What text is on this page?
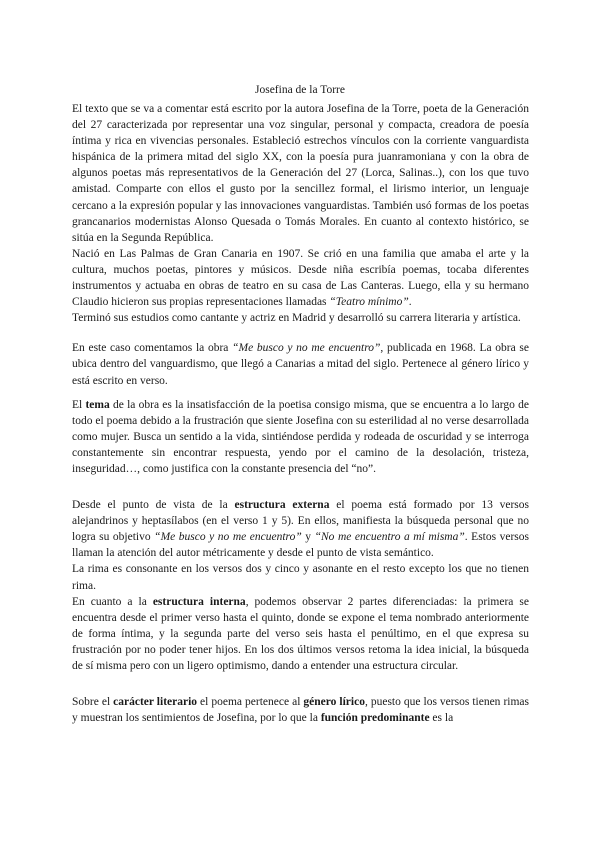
Josefina de la Torre

El texto que se va a comentar está escrito por la autora Josefina de la Torre, poeta de la Generación del 27 caracterizada por representar una voz singular, personal y compacta, creadora de poesía íntima y rica en vivencias personales. Estableció estrechos vínculos con la corriente vanguardista hispánica de la primera mitad del siglo XX, con la poesía pura juanramoniana y con la obra de algunos poetas más representativos de la Generación del 27 (Lorca, Salinas..), con los que tuvo amistad. Comparte con ellos el gusto por la sencillez formal, el lirismo interior, un lenguaje cercano a la expresión popular y las innovaciones vanguardistas. También usó formas de los poetas grancanarios modernistas Alonso Quesada o Tomás Morales. En cuanto al contexto histórico, se sitúa en la Segunda República.

Nació en Las Palmas de Gran Canaria en 1907. Se crió en una familia que amaba el arte y la cultura, muchos poetas, pintores y músicos. Desde niña escribía poemas, tocaba diferentes instrumentos y actuaba en obras de teatro en su casa de Las Canteras. Luego, ella y su hermano Claudio hicieron sus propias representaciones llamadas “Teatro mínimo”.

Terminó sus estudios como cantante y actriz en Madrid y desarrolló su carrera literaria y artística.

En este caso comentamos la obra “Me busco y no me encuentro”, publicada en 1968. La obra se ubica dentro del vanguardismo, que llegó a Canarias a mitad del siglo. Pertenece al género lírico y está escrito en verso.

El tema de la obra es la insatisfacción de la poetisa consigo misma, que se encuentra a lo largo de todo el poema debido a la frustración que siente Josefina con su esterilidad al no verse desarrollada como mujer. Busca un sentido a la vida, sintiéndose perdida y rodeada de oscuridad y se interroga constantemente sin encontrar respuesta, yendo por el camino de la desolación, tristeza, inseguridad…, como justifica con la constante presencia del “no”.

Desde el punto de vista de la estructura externa el poema está formado por 13 versos alejandrinos y heptasílabos (en el verso 1 y 5). En ellos, manifiesta la búsqueda personal que no logra su objetivo “Me busco y no me encuentro” y “No me encuentro a mí misma”. Estos versos llaman la atención del autor métricamente y desde el punto de vista semántico.

La rima es consonante en los versos dos y cinco y asonante en el resto excepto los que no tienen rima.

En cuanto a la estructura interna, podemos observar 2 partes diferenciadas: la primera se encuentra desde el primer verso hasta el quinto, donde se expone el tema nombrado anteriormente de forma íntima, y la segunda parte del verso seis hasta el penúltimo, en el que expresa su frustración por no poder tener hijos. En los dos últimos versos retoma la idea inicial, la búsqueda de sí misma pero con un ligero optimismo, dando a entender una estructura circular.

Sobre el carácter literario el poema pertenece al género lírico, puesto que los versos tienen rimas y muestran los sentimientos de Josefina, por lo que la función predominante es la
